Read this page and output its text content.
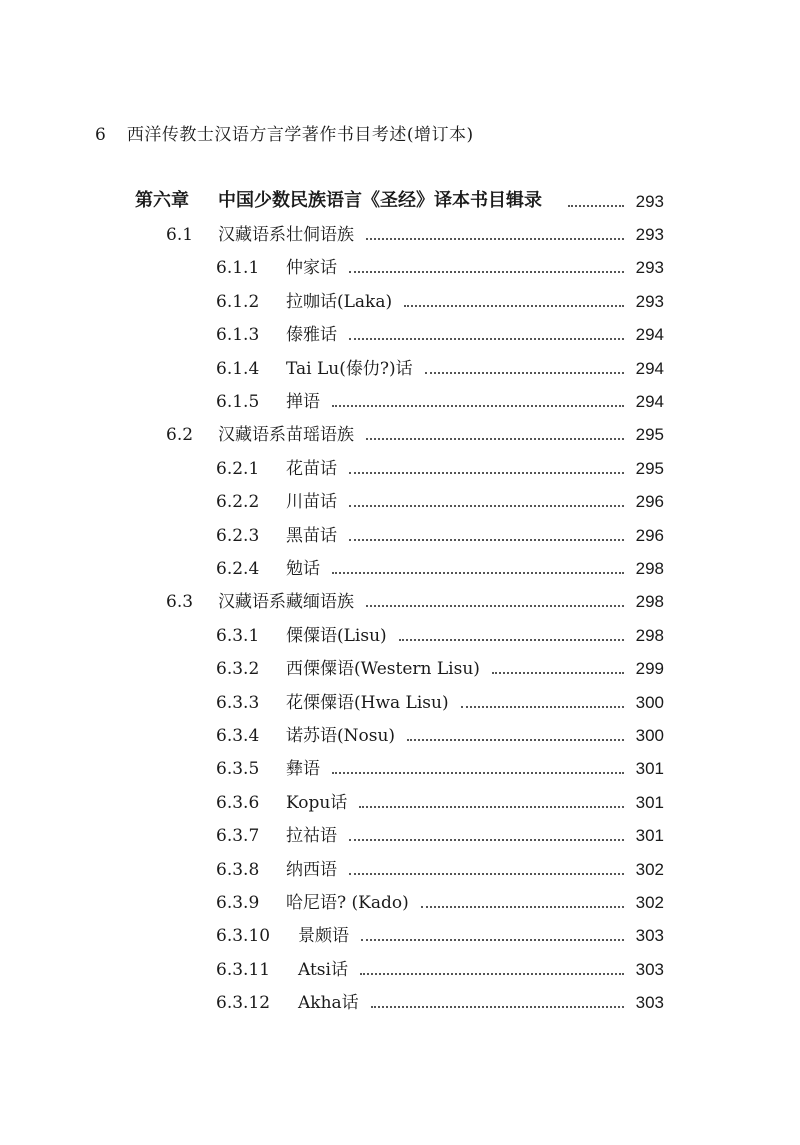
6 西洋传教士汉语方言学著作书目考述(增订本)
第六章 中国少数民族语言《圣经》译本书目辑录	293
6.1 汉藏语系壮侗语族	293
6.1.1 仲家话	293
6.1.2 拉咖话(Laka)	293
6.1.3 傣雅话	294
6.1.4 Tai Lu(傣仂?)话	294
6.1.5 掸语	294
6.2 汉藏语系苗瑶语族	295
6.2.1 花苗话	295
6.2.2 川苗话	296
6.2.3 黑苗话	296
6.2.4 勉话	298
6.3 汉藏语系藏缅语族	298
6.3.1 傈僳语(Lisu)	298
6.3.2 西傈僳语(Western Lisu)	299
6.3.3 花傈僳语(Hwa Lisu)	300
6.3.4 诺苏语(Nosu)	300
6.3.5 彝语	301
6.3.6 Kopu话	301
6.3.7 拉祜语	301
6.3.8 纳西语	302
6.3.9 哈尼语? (Kado)	302
6.3.10 景颇语	303
6.3.11 Atsi话	303
6.3.12 Akha话	303
